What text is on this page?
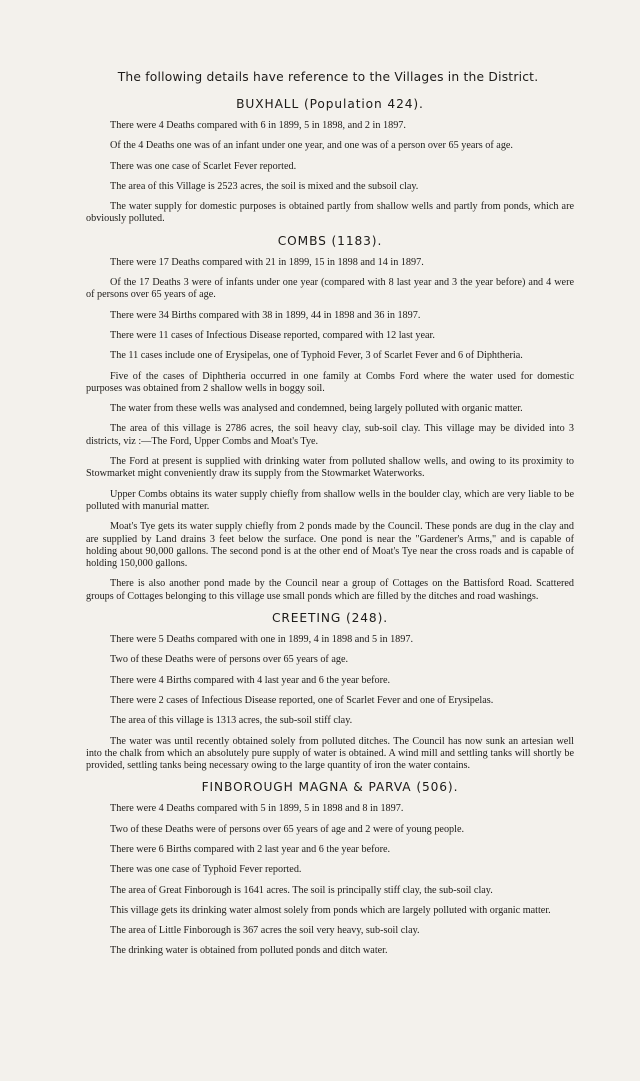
The following details have reference to the Villages in the District.
BUXHALL (Population 424).

There were 4 Deaths compared with 6 in 1899, 5 in 1898, and 2 in 1897.

Of the 4 Deaths one was of an infant under one year, and one was of a person over 65 years of age.

There was one case of Scarlet Fever reported.

The area of this Village is 2523 acres, the soil is mixed and the subsoil clay.

The water supply for domestic purposes is obtained partly from shallow wells and partly from ponds, which are obviously polluted.

COMBS (1183).

There were 17 Deaths compared with 21 in 1899, 15 in 1898 and 14 in 1897.

Of the 17 Deaths 3 were of infants under one year (compared with 8 last year and 3 the year before) and 4 were of persons over 65 years of age.

There were 34 Births compared with 38 in 1899, 44 in 1898 and 36 in 1897.

There were 11 cases of Infectious Disease reported, compared with 12 last year.

The 11 cases include one of Erysipelas, one of Typhoid Fever, 3 of Scarlet Fever and 6 of Diphtheria.

Five of the cases of Diphtheria occurred in one family at Combs Ford where the water used for domestic purposes was obtained from 2 shallow wells in boggy soil.

The water from these wells was analysed and condemned, being largely polluted with organic matter.

The area of this village is 2786 acres, the soil heavy clay, sub-soil clay. This village may be divided into 3 districts, viz :—The Ford, Upper Combs and Moat's Tye.

The Ford at present is supplied with drinking water from polluted shallow wells, and owing to its proximity to Stowmarket might conveniently draw its supply from the Stowmarket Waterworks.

Upper Combs obtains its water supply chiefly from shallow wells in the boulder clay, which are very liable to be polluted with manurial matter.

Moat's Tye gets its water supply chiefly from 2 ponds made by the Council. These ponds are dug in the clay and are supplied by Land drains 3 feet below the surface. One pond is near the "Gardener's Arms," and is capable of holding about 90,000 gallons. The second pond is at the other end of Moat's Tye near the cross roads and is capable of holding 150,000 gallons.

There is also another pond made by the Council near a group of Cottages on the Battisford Road. Scattered groups of Cottages belonging to this village use small ponds which are filled by the ditches and road washings.

CREETING (248).

There were 5 Deaths compared with one in 1899, 4 in 1898 and 5 in 1897.

Two of these Deaths were of persons over 65 years of age.

There were 4 Births compared with 4 last year and 6 the year before.

There were 2 cases of Infectious Disease reported, one of Scarlet Fever and one of Erysipelas.

The area of this village is 1313 acres, the sub-soil stiff clay.

The water was until recently obtained solely from polluted ditches. The Council has now sunk an artesian well into the chalk from which an absolutely pure supply of water is obtained. A wind mill and settling tanks will shortly be provided, settling tanks being necessary owing to the large quantity of iron the water contains.

FINBOROUGH MAGNA & PARVA (506).

There were 4 Deaths compared with 5 in 1899, 5 in 1898 and 8 in 1897.

Two of these Deaths were of persons over 65 years of age and 2 were of young people.

There were 6 Births compared with 2 last year and 6 the year before.

There was one case of Typhoid Fever reported.

The area of Great Finborough is 1641 acres. The soil is principally stiff clay, the sub-soil clay.

This village gets its drinking water almost solely from ponds which are largely polluted with organic matter.

The area of Little Finborough is 367 acres the soil very heavy, sub-soil clay.

The drinking water is obtained from polluted ponds and ditch water.
